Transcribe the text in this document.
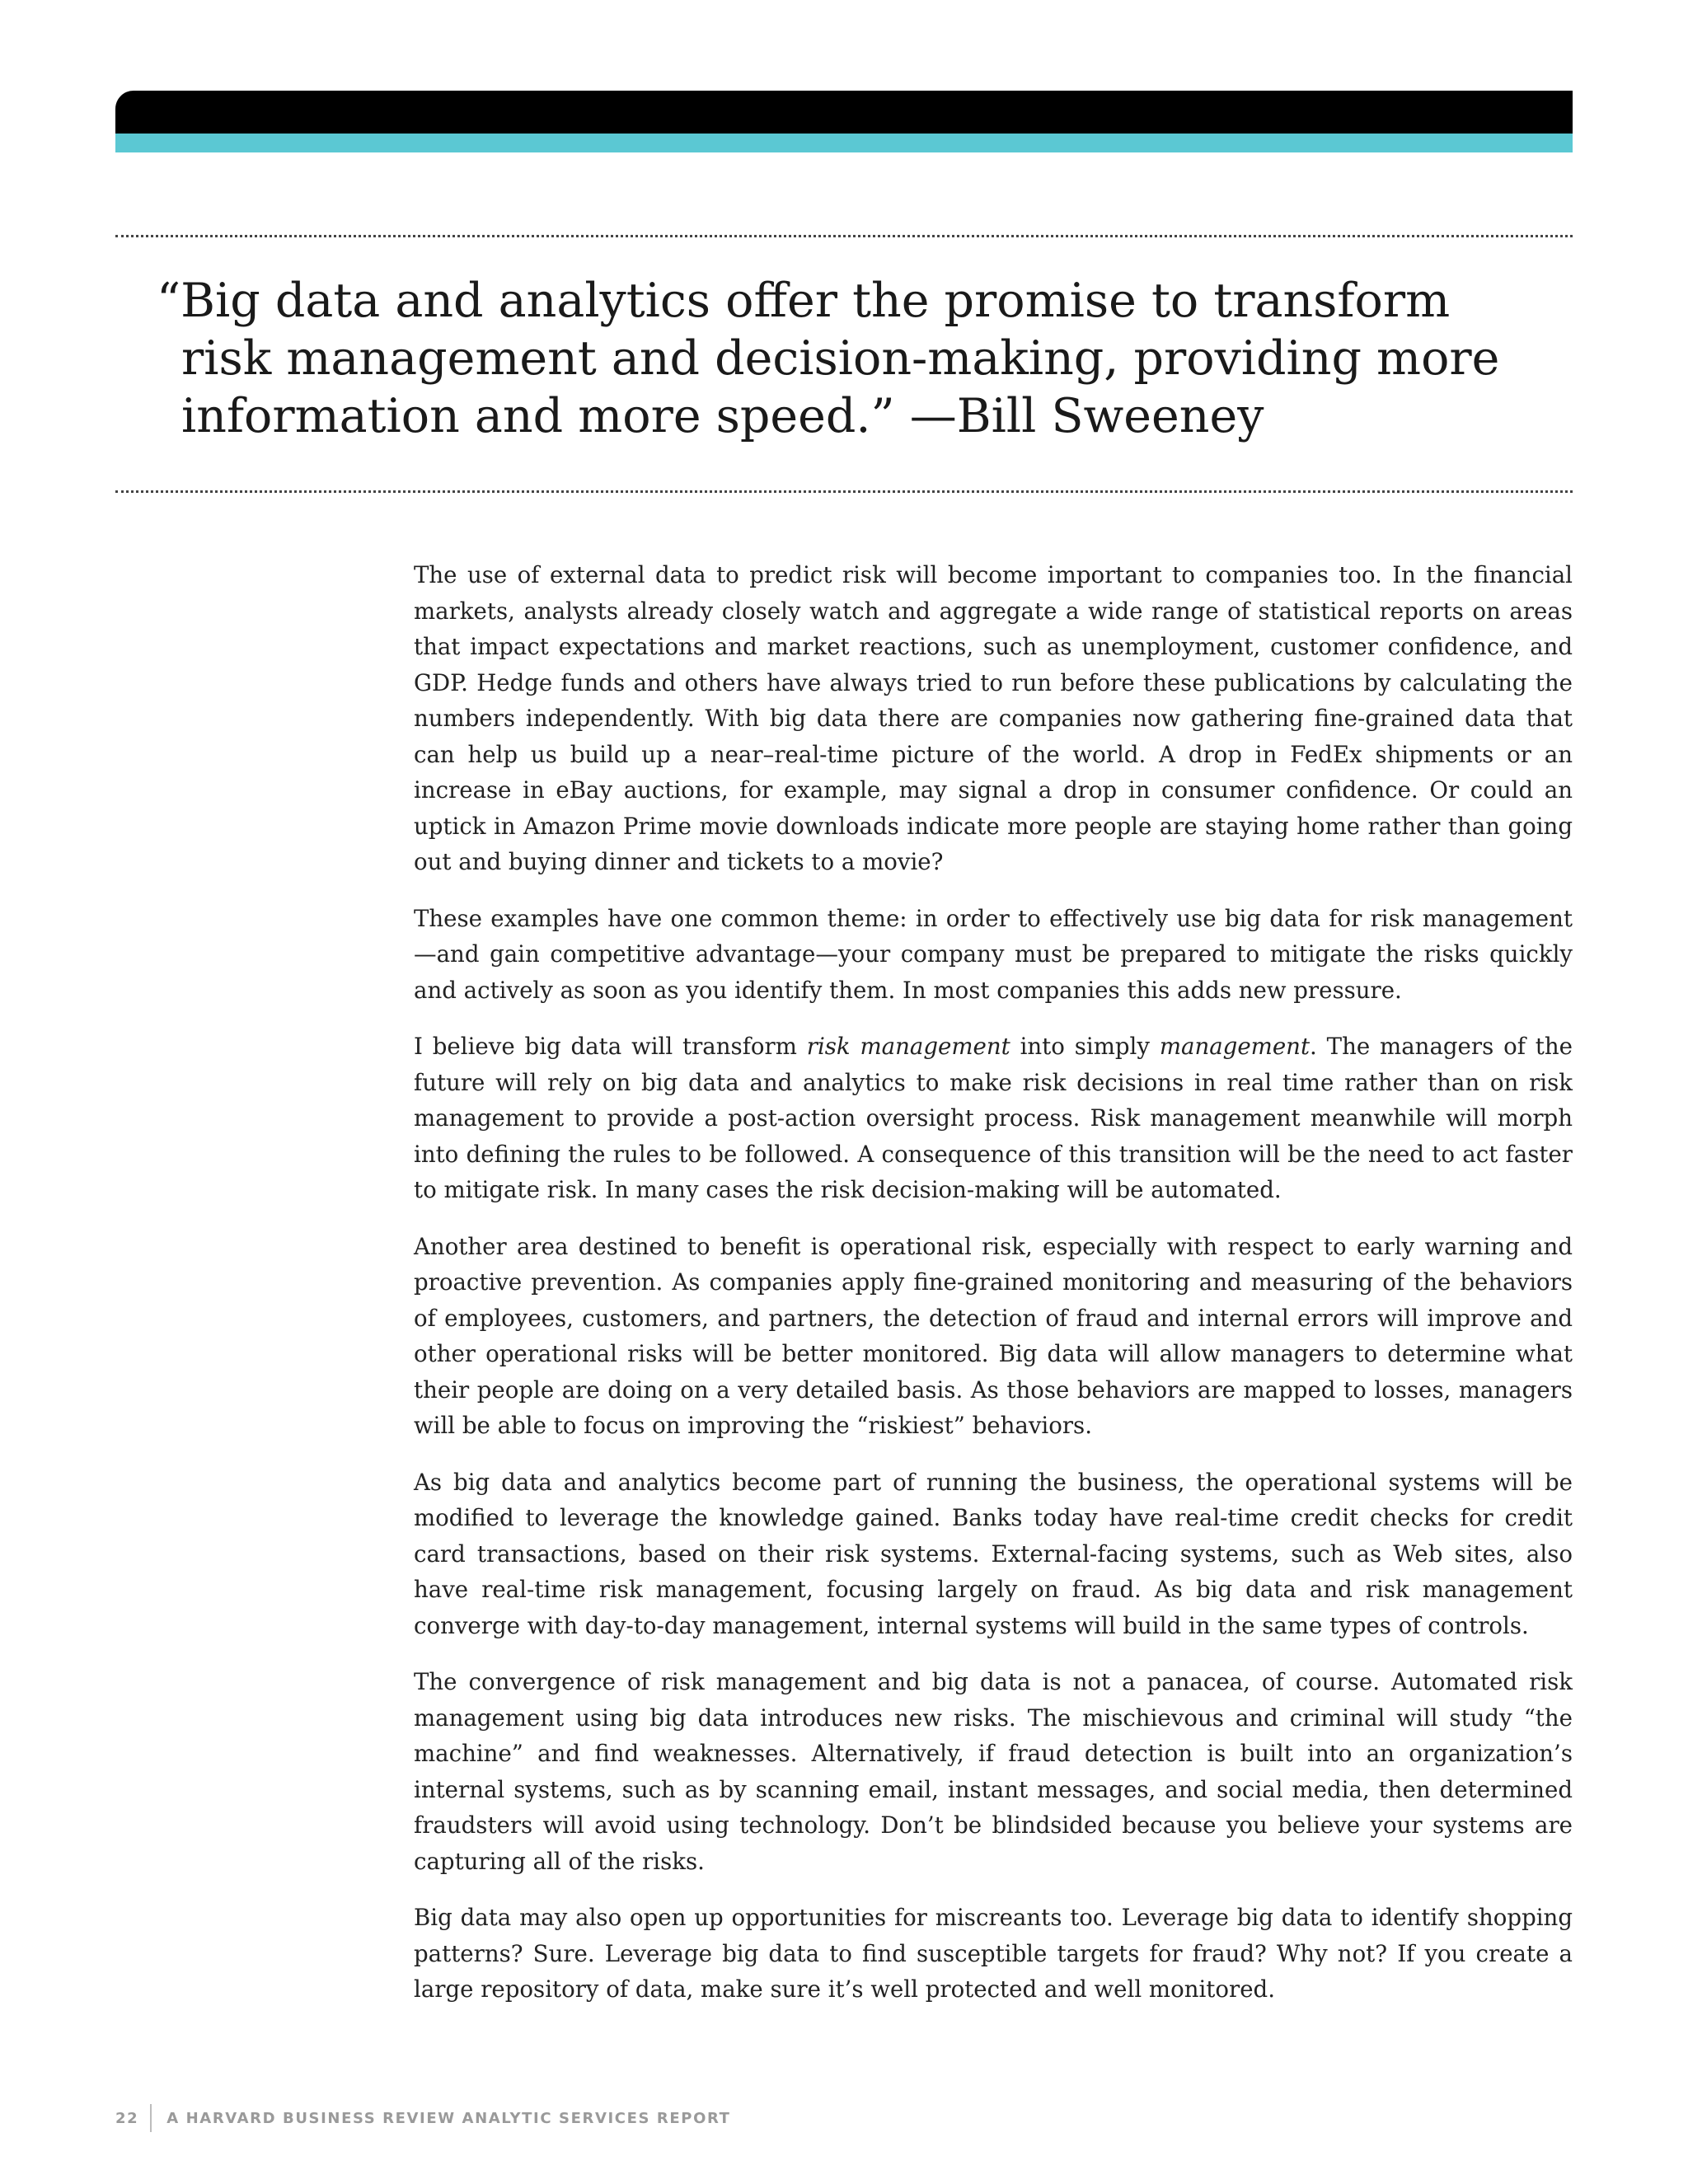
“Big data and analytics offer the promise to transform
risk management and decision-making, providing more
information and more speed.” —Bill Sweeney

The use of external data to predict risk will become important to companies too. In the financial markets, analysts already closely watch and aggregate a wide range of statistical reports on areas that impact expectations and market reactions, such as unemployment, customer confidence, and GDP. Hedge funds and others have always tried to run before these publications by calculating the numbers independently. With big data there are companies now gathering fine-grained data that can help us build up a near–real-time picture of the world. A drop in FedEx shipments or an increase in eBay auctions, for example, may signal a drop in consumer confidence. Or could an uptick in Amazon Prime movie downloads indicate more people are staying home rather than going out and buying dinner and tickets to a movie?

These examples have one common theme: in order to effectively use big data for risk management—and gain competitive advantage—your company must be prepared to mitigate the risks quickly and actively as soon as you identify them. In most companies this adds new pressure.

I believe big data will transform risk management into simply management. The managers of the future will rely on big data and analytics to make risk decisions in real time rather than on risk management to provide a post-action oversight process. Risk management meanwhile will morph into defining the rules to be followed. A consequence of this transition will be the need to act faster to mitigate risk. In many cases the risk decision-making will be automated.

Another area destined to benefit is operational risk, especially with respect to early warning and proactive prevention. As companies apply fine-grained monitoring and measuring of the behaviors of employees, customers, and partners, the detection of fraud and internal errors will improve and other operational risks will be better monitored. Big data will allow managers to determine what their people are doing on a very detailed basis. As those behaviors are mapped to losses, managers will be able to focus on improving the “riskiest” behaviors.

As big data and analytics become part of running the business, the operational systems will be modified to leverage the knowledge gained. Banks today have real-time credit checks for credit card transactions, based on their risk systems. External-facing systems, such as Web sites, also have real-time risk management, focusing largely on fraud. As big data and risk management converge with day-to-day management, internal systems will build in the same types of controls.

The convergence of risk management and big data is not a panacea, of course. Automated risk management using big data introduces new risks. The mischievous and criminal will study “the machine” and find weaknesses. Alternatively, if fraud detection is built into an organization’s internal systems, such as by scanning email, instant messages, and social media, then determined fraudsters will avoid using technology. Don’t be blindsided because you believe your systems are capturing all of the risks.

Big data may also open up opportunities for miscreants too. Leverage big data to identify shopping patterns? Sure. Leverage big data to find susceptible targets for fraud? Why not? If you create a large repository of data, make sure it’s well protected and well monitored.

22 A HARVARD BUSINESS REVIEW ANALYTIC SERVICES REPORT
